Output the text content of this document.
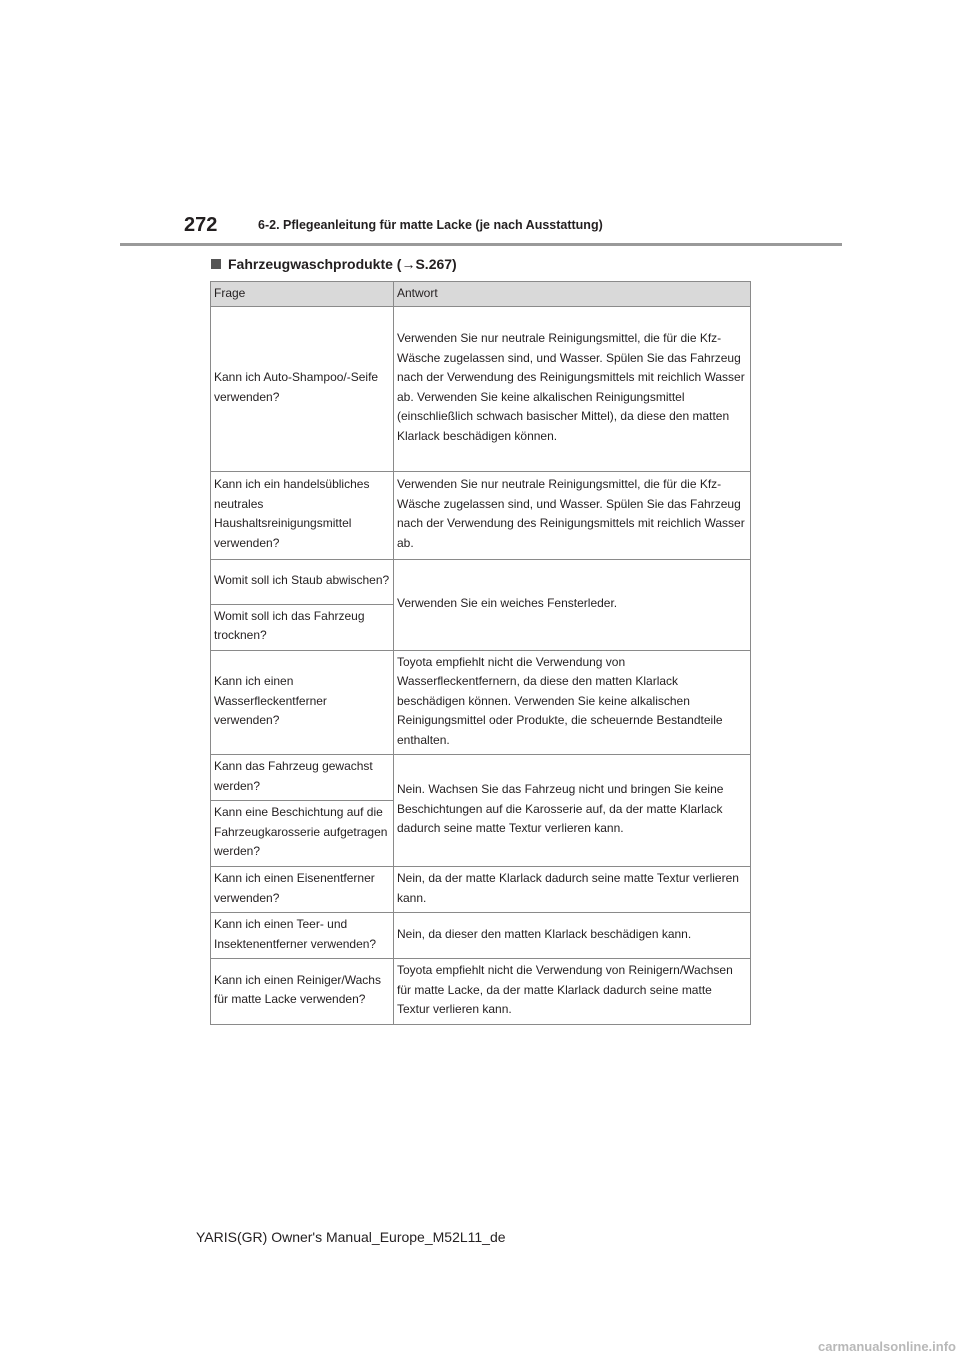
272	6-2. Pflegeanleitung für matte Lacke (je nach Ausstattung)
Fahrzeugwaschprodukte (→S.267)
Frage	Antwort
Kann ich Auto-Shampoo/-Seife verwenden?	Verwenden Sie nur neutrale Reinigungsmittel, die für die Kfz-Wäsche zugelassen sind, und Wasser. Spülen Sie das Fahrzeug nach der Verwendung des Reinigungsmittels mit reichlich Wasser ab. Verwenden Sie keine alkalischen Reinigungsmittel (einschließlich schwach basischer Mittel), da diese den matten Klarlack beschädigen können.
Kann ich ein handelsübliches neutrales Haushaltsreinigungsmittel verwenden?	Verwenden Sie nur neutrale Reinigungsmittel, die für die Kfz-Wäsche zugelassen sind, und Wasser. Spülen Sie das Fahrzeug nach der Verwendung des Reinigungsmittels mit reichlich Wasser ab.
Womit soll ich Staub abwischen?	Verwenden Sie ein weiches Fensterleder.
Womit soll ich das Fahrzeug trocknen?	
Kann ich einen Wasserfleckentferner verwenden?	Toyota empfiehlt nicht die Verwendung von Wasserfleckentfernern, da diese den matten Klarlack beschädigen können. Verwenden Sie keine alkalischen Reinigungsmittel oder Produkte, die scheuernde Bestandteile enthalten.
Kann das Fahrzeug gewachst werden?	Nein. Wachsen Sie das Fahrzeug nicht und bringen Sie keine Beschichtungen auf die Karosserie auf, da der matte Klarlack dadurch seine matte Textur verlieren kann.
Kann eine Beschichtung auf die Fahrzeugkarosserie aufgetragen werden?	
Kann ich einen Eisenentferner verwenden?	Nein, da der matte Klarlack dadurch seine matte Textur verlieren kann.
Kann ich einen Teer- und Insektenentferner verwenden?	Nein, da dieser den matten Klarlack beschädigen kann.
Kann ich einen Reiniger/Wachs für matte Lacke verwenden?	Toyota empfiehlt nicht die Verwendung von Reinigern/Wachsen für matte Lacke, da der matte Klarlack dadurch seine matte Textur verlieren kann.
YARIS(GR) Owner's Manual_Europe_M52L11_de
carmanualsonline.info
